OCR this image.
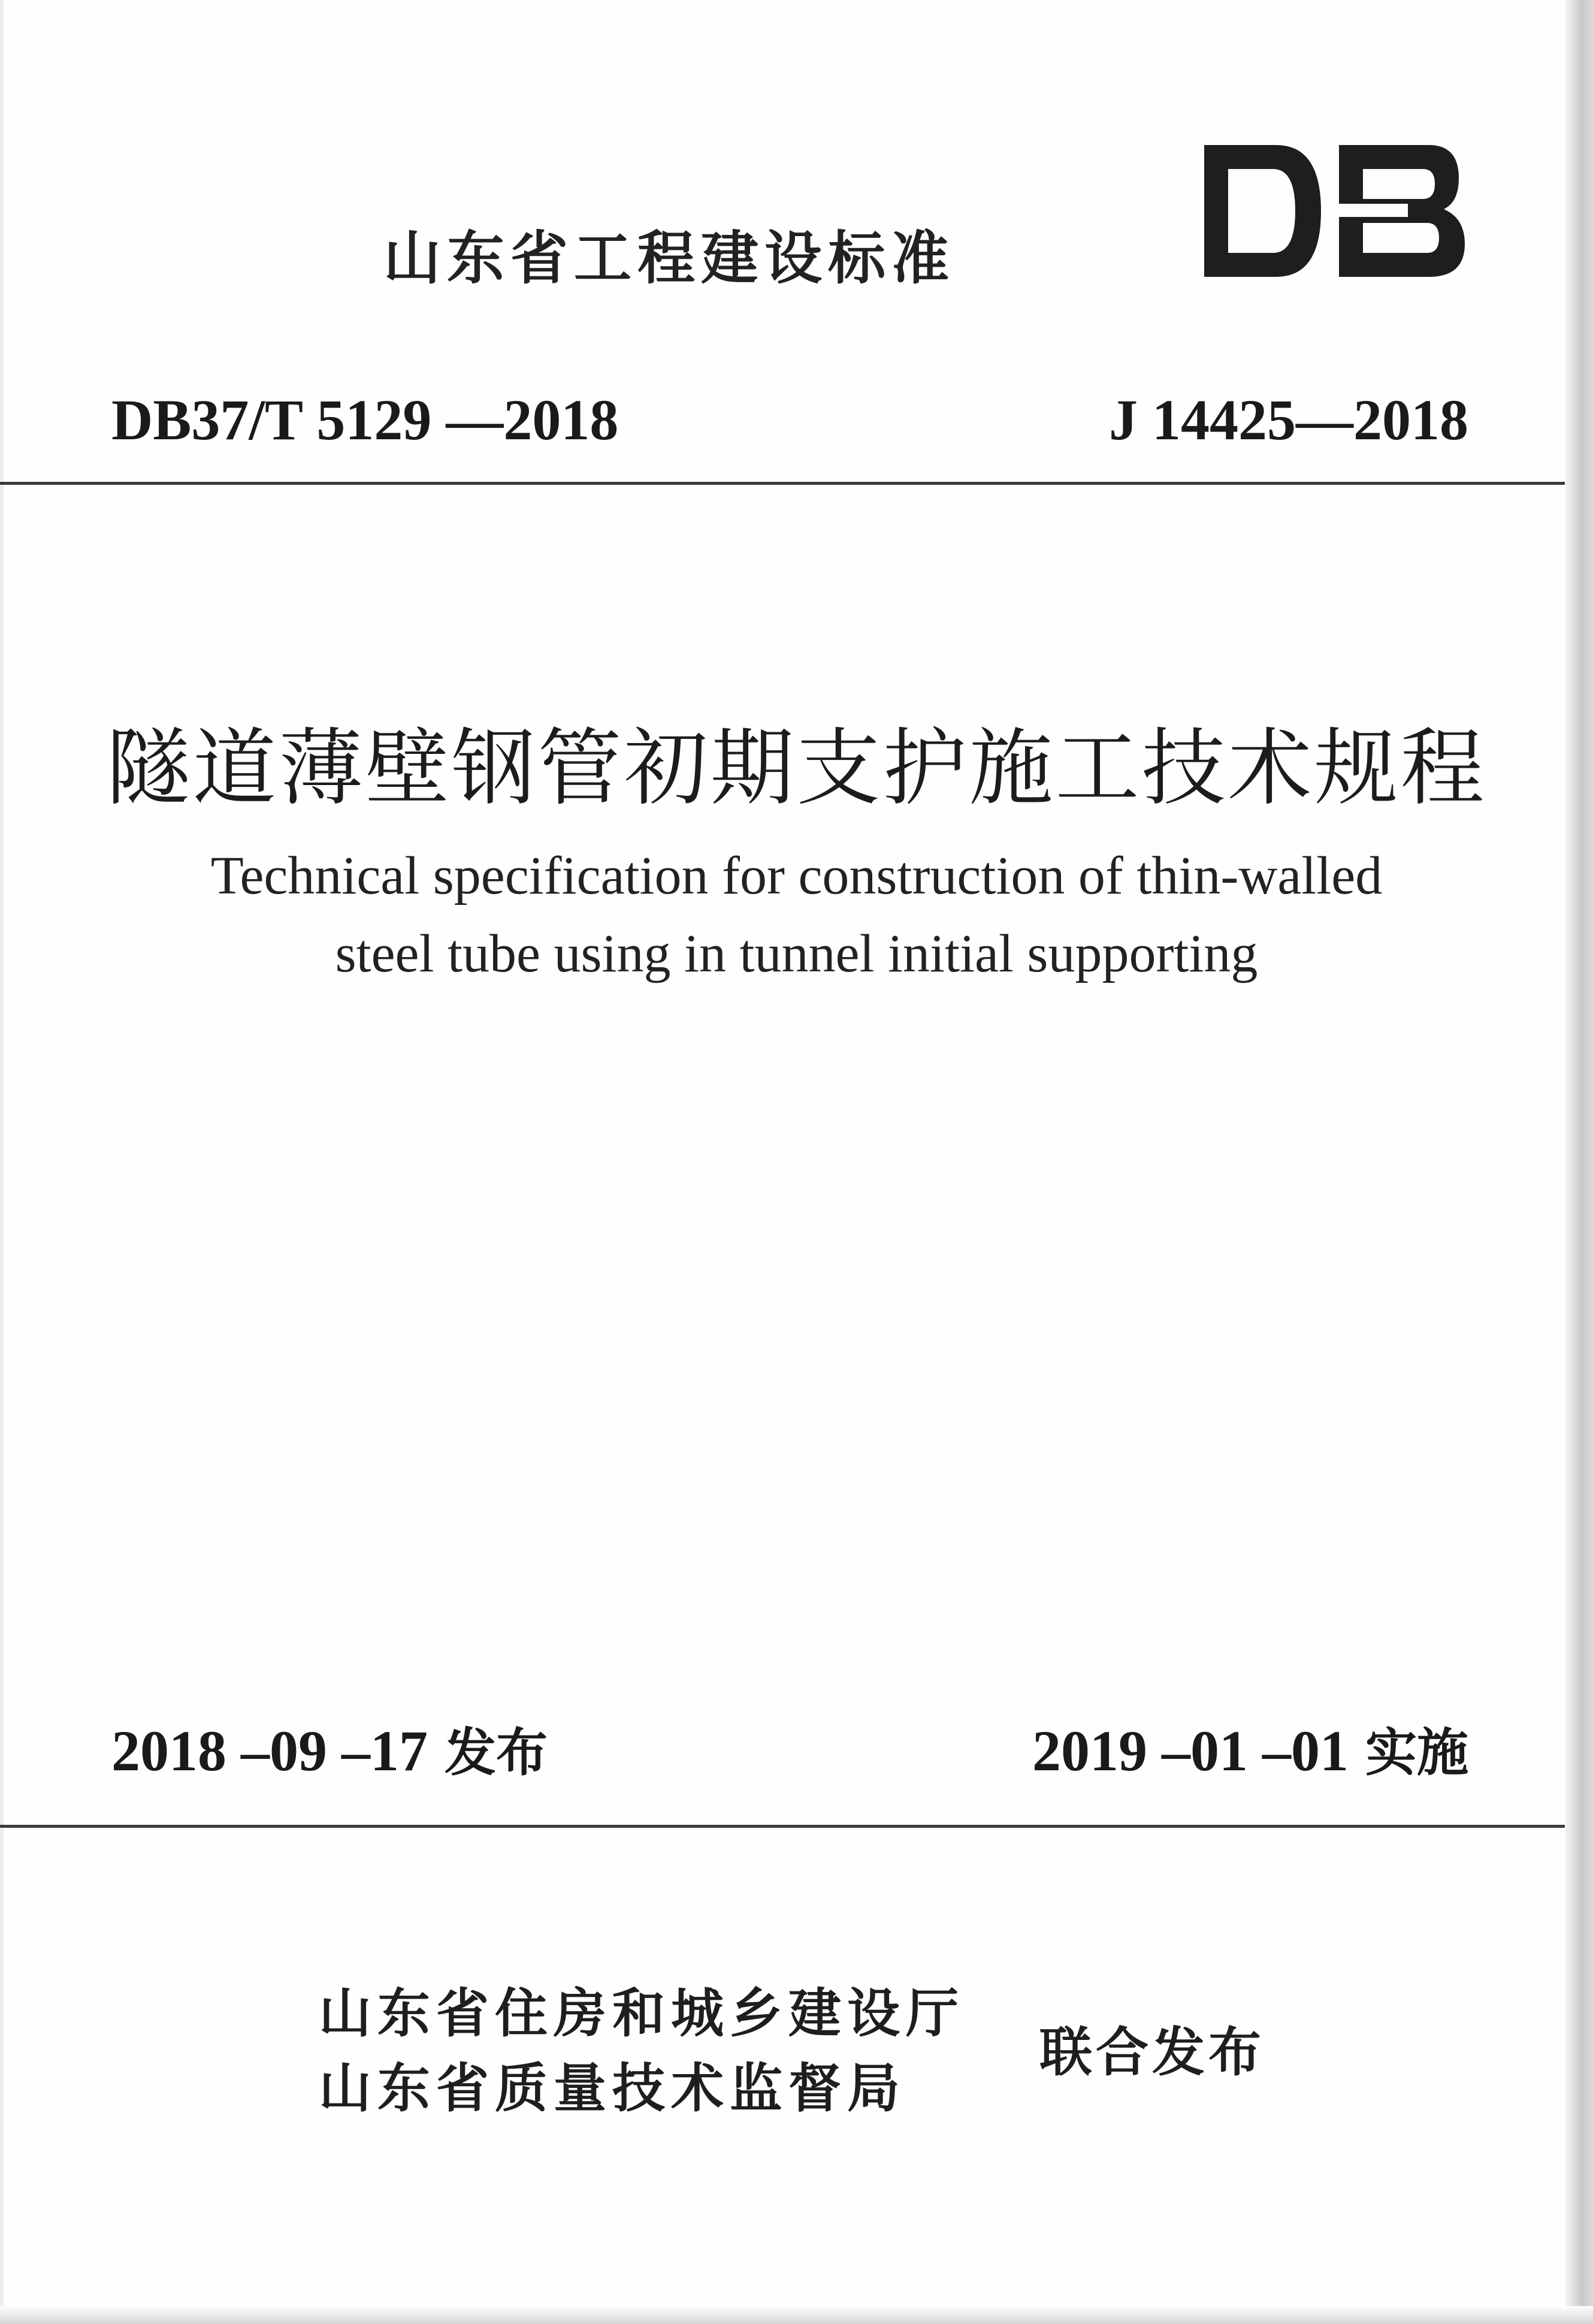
山东省工程建设标准
DB37/T 5129 —2018	J 14425—2018
隧道薄壁钢管初期支护施工技术规程
Technical specification for construction of thin-walled
steel tube using in tunnel initial supporting
2018 –09 –17 发布	2019 –01 –01 实施
山东省住房和城乡建设厅
山东省质量技术监督局
联合发布
